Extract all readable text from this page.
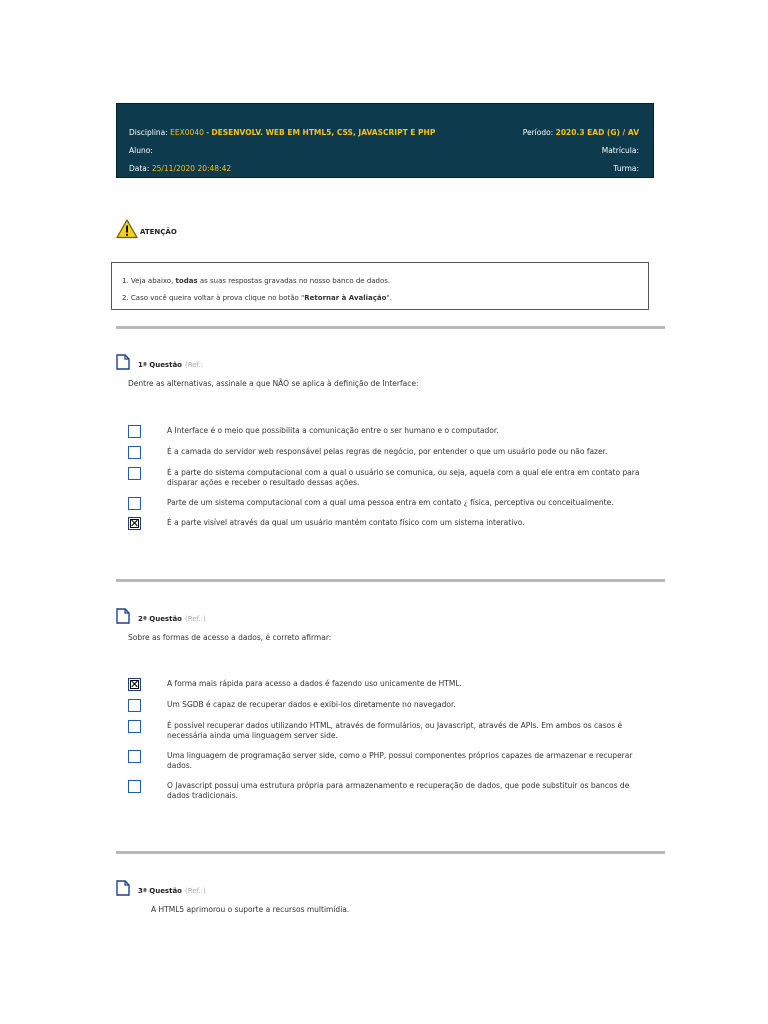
Disciplina: EEX0040 - DESENVOLV. WEB EM HTML5, CSS, JAVASCRIPT E PHP	Período: 2020.3 EAD (G) / AV
Aluno:	Matrícula:
Data: 25/11/2020 20:48:42	Turma:
ATENÇÃO

1. Veja abaixo, todas as suas respostas gravadas no nosso banco de dados.

2. Caso você queira voltar à prova clique no botão "Retornar à Avaliação".

1ª Questão (Ref.:
Dentre as alternativas, assinale a que NÃO se aplica à definição de Interface:
A Interface é o meio que possibilita a comunicação entre o ser humano e o computador.
É a camada do servidor web responsável pelas regras de negócio, por entender o que um usuário pode ou não fazer.
É a parte do sistema computacional com a qual o usuário se comunica, ou seja, aquela com a qual ele entra em contato para disparar ações e receber o resultado dessas ações.
Parte de um sistema computacional com a qual uma pessoa entra em contato ¿ física, perceptiva ou conceitualmente.
✕	É a parte visível através da qual um usuário mantém contato físico com um sistema interativo.
2ª Questão (Ref.:)
Sobre as formas de acesso a dados, é correto afirmar:
✕	A forma mais rápida para acesso a dados é fazendo uso unicamente de HTML.
Um SGDB é capaz de recuperar dados e exibi-los diretamente no navegador.
É possível recuperar dados utilizando HTML, através de formulários, ou Javascript, através de APIs. Em ambos os casos é necessária ainda uma linguagem server side.
Uma linguagem de programação server side, como o PHP, possui componentes próprios capazes de armazenar e recuperar dados.
O Javascript possui uma estrutura própria para armazenamento e recuperação de dados, que pode substituir os bancos de dados tradicionais.
3ª Questão (Ref.:)
A HTML5 aprimorou o suporte a recursos multimídia.
